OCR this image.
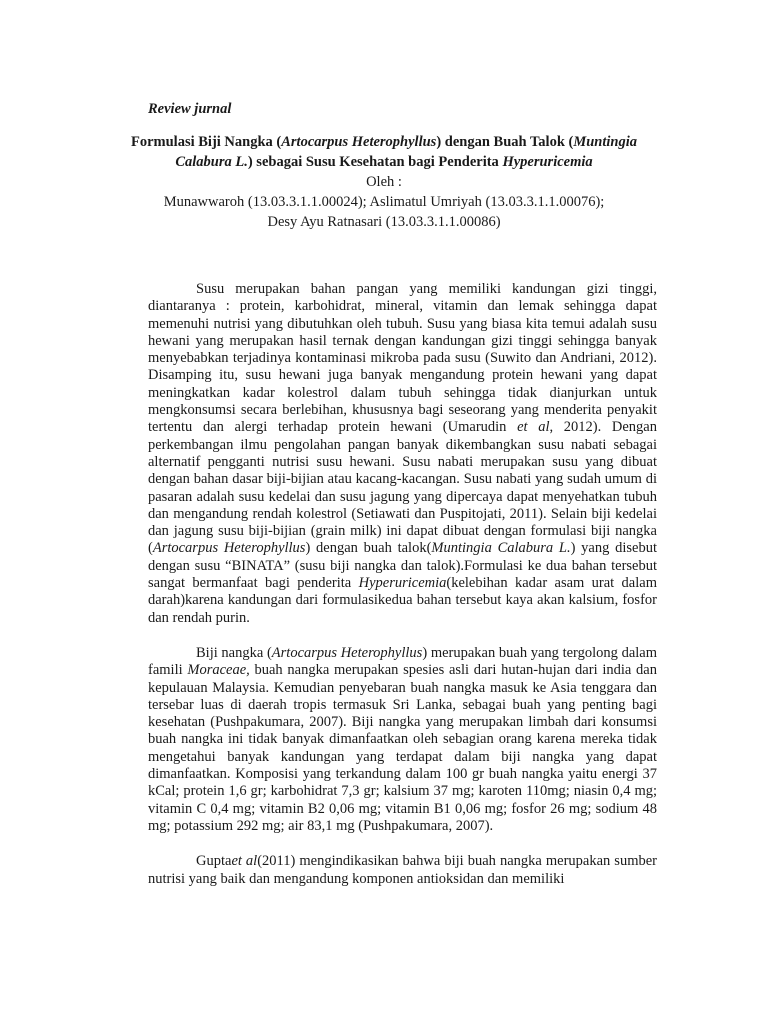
Review jurnal
Formulasi Biji Nangka (Artocarpus Heterophyllus) dengan Buah Talok (Muntingia Calabura L.) sebagai Susu Kesehatan bagi Penderita Hyperuricemia
Oleh :
Munawwaroh (13.03.3.1.1.00024); Aslimatul Umriyah (13.03.3.1.1.00076);
Desy Ayu Ratnasari (13.03.3.1.1.00086)

Susu merupakan bahan pangan yang memiliki kandungan gizi tinggi, diantaranya : protein, karbohidrat, mineral, vitamin dan lemak sehingga dapat memenuhi nutrisi yang dibutuhkan oleh tubuh. Susu yang biasa kita temui adalah susu hewani yang merupakan hasil ternak dengan kandungan gizi tinggi sehingga banyak menyebabkan terjadinya kontaminasi mikroba pada susu (Suwito dan Andriani, 2012). Disamping itu, susu hewani juga banyak mengandung protein hewani yang dapat meningkatkan kadar kolestrol dalam tubuh sehingga tidak dianjurkan untuk mengkonsumsi secara berlebihan, khususnya bagi seseorang yang menderita penyakit tertentu dan alergi terhadap protein hewani (Umarudin et al, 2012). Dengan perkembangan ilmu pengolahan pangan banyak dikembangkan susu nabati sebagai alternatif pengganti nutrisi susu hewani. Susu nabati merupakan susu yang dibuat dengan bahan dasar biji-bijian atau kacang-kacangan. Susu nabati yang sudah umum di pasaran adalah susu kedelai dan susu jagung yang dipercaya dapat menyehatkan tubuh dan mengandung rendah kolestrol (Setiawati dan Puspitojati, 2011). Selain biji kedelai dan jagung susu biji-bijian (grain milk) ini dapat dibuat dengan formulasi biji nangka (Artocarpus Heterophyllus) dengan buah talok(Muntingia Calabura L.) yang disebut dengan susu “BINATA” (susu biji nangka dan talok).Formulasi ke dua bahan tersebut sangat bermanfaat bagi penderita Hyperuricemia(kelebihan kadar asam urat dalam darah)karena kandungan dari formulasikedua bahan tersebut kaya akan kalsium, fosfor dan rendah purin.

Biji nangka (Artocarpus Heterophyllus) merupakan buah yang tergolong dalam famili Moraceae, buah nangka merupakan spesies asli dari hutan-hujan dari india dan kepulauan Malaysia. Kemudian penyebaran buah nangka masuk ke Asia tenggara dan tersebar luas di daerah tropis termasuk Sri Lanka, sebagai buah yang penting bagi kesehatan (Pushpakumara, 2007). Biji nangka yang merupakan limbah dari konsumsi buah nangka ini tidak banyak dimanfaatkan oleh sebagian orang karena mereka tidak mengetahui banyak kandungan yang terdapat dalam biji nangka yang dapat dimanfaatkan. Komposisi yang terkandung dalam 100 gr buah nangka yaitu energi 37 kCal; protein 1,6 gr; karbohidrat 7,3 gr; kalsium 37 mg; karoten 110mg; niasin 0,4 mg; vitamin C 0,4 mg; vitamin B2 0,06 mg; vitamin B1 0,06 mg; fosfor 26 mg; sodium 48 mg; potassium 292 mg; air 83,1 mg (Pushpakumara, 2007).

Guptaet al(2011) mengindikasikan bahwa biji buah nangka merupakan sumber nutrisi yang baik dan mengandung komponen antioksidan dan memiliki
